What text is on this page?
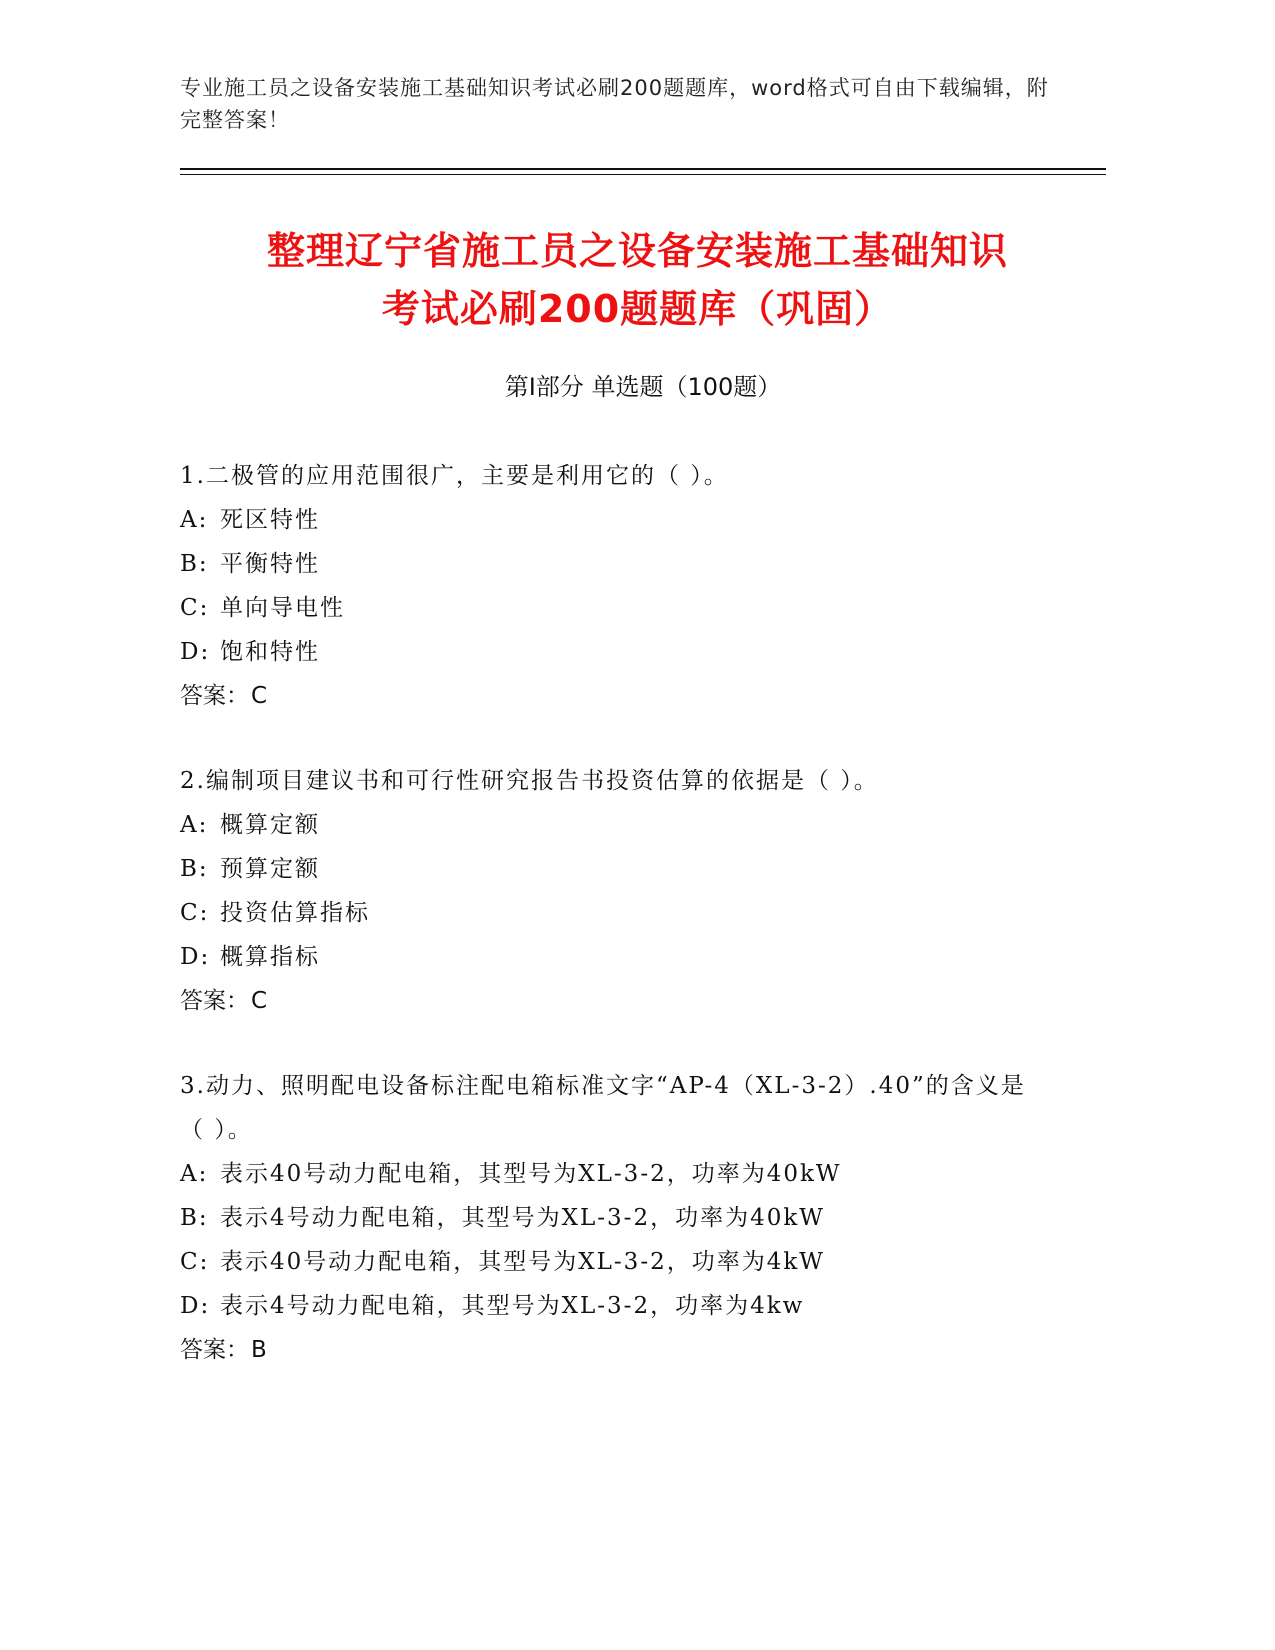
专业施工员之设备安装施工基础知识考试必刷200题题库，word格式可自由下载编辑，附完整答案！
整理辽宁省施工员之设备安装施工基础知识
考试必刷200题题库（巩固）
第Ⅰ部分 单选题（100题）
1.二极管的应用范围很广，主要是利用它的（ ）。
A: 死区特性
B: 平衡特性
C: 单向导电性
D: 饱和特性
答案：C
2.编制项目建议书和可行性研究报告书投资估算的依据是（ ）。
A: 概算定额
B: 预算定额
C: 投资估算指标
D: 概算指标
答案：C
3.动力、照明配电设备标注配电箱标准文字“AP-4（XL-3-2）.40”的含义是（ ）。
A: 表示40号动力配电箱，其型号为XL-3-2，功率为40kW
B: 表示4号动力配电箱，其型号为XL-3-2，功率为40kW
C: 表示40号动力配电箱，其型号为XL-3-2，功率为4kW
D: 表示4号动力配电箱，其型号为XL-3-2，功率为4kw
答案：B
